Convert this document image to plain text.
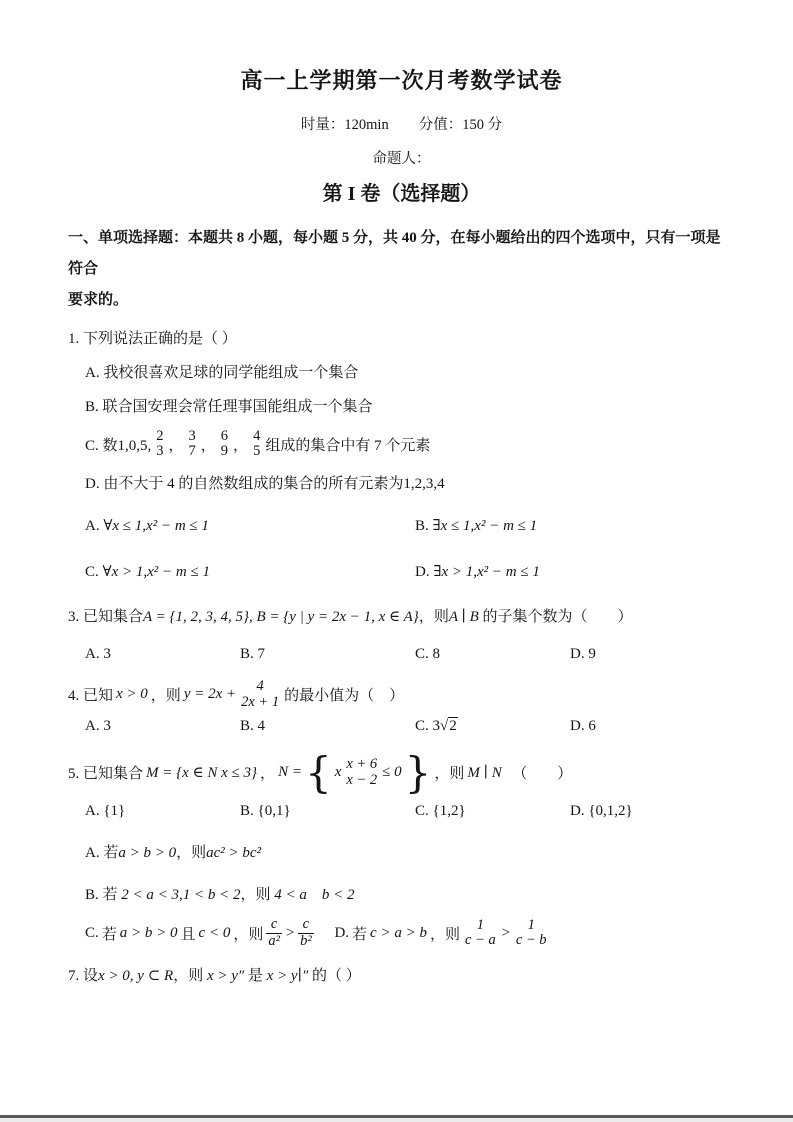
高一上学期第一次月考数学试卷
时量：120min 分值：150 分
命题人：
第 I 卷（选择题）
一、单项选择题：本题共 8 小题，每小题 5 分，共 40 分，在每小题给出的四个选项中，只有一项是符合
要求的。
1. 下列说法正确的是（ ）
A. 我校很喜欢足球的同学能组成一个集合
B. 联合国安理会常任理事国能组成一个集合
C. 数1,0,5,
2
3 ，
3
7 ，
6
9 ，
4
5 组成的集合中有 7 个元素
D. 由不大于 4 的自然数组成的集合的所有元素为1,2,3,4
A. ∀x ≤ 1,x² − m ≤ 1	B. ∃x ≤ 1,x² − m ≤ 1
C. ∀x > 1,x² − m ≤ 1	D. ∃x > 1,x² − m ≤ 1
3. 已知集合A = {1, 2, 3, 4, 5}, B = {y | y = 2x − 1, x ∈ A}，则A ∣ B 的子集个数为（　　）
A. 3	B. 7	C. 8	D. 9
4. 已知 x > 0 ，则 y = 2x +	4
2x + 1 的最小值为（　）
A. 3	B. 4	C. 3√2	D. 6
5. 已知集合 M = {x ∈ N x ≤ 3} ， N = { x x + 6
x − 2 ≤ 0 } ，则 M ∣ N 　（　　）
A. {1}	B. {0,1}	C. {1,2}	D. {0,1,2}
A. 若a > b > 0，则ac² > bc²
B. 若 2 < a < 3,1 < b < 2，则 4 < a　b < 2
C. 若 a > b > 0 且 c < 0 ，则 $\frac{c}{\text{a²}} > \frac{c}{\text{b²}}$
D. 若 c > a > b ，则
1
c − a >	1
c − b
7. 设x > 0, y ⊂ R，则 x > y″ 是 x > y∣″ 的（ ）
